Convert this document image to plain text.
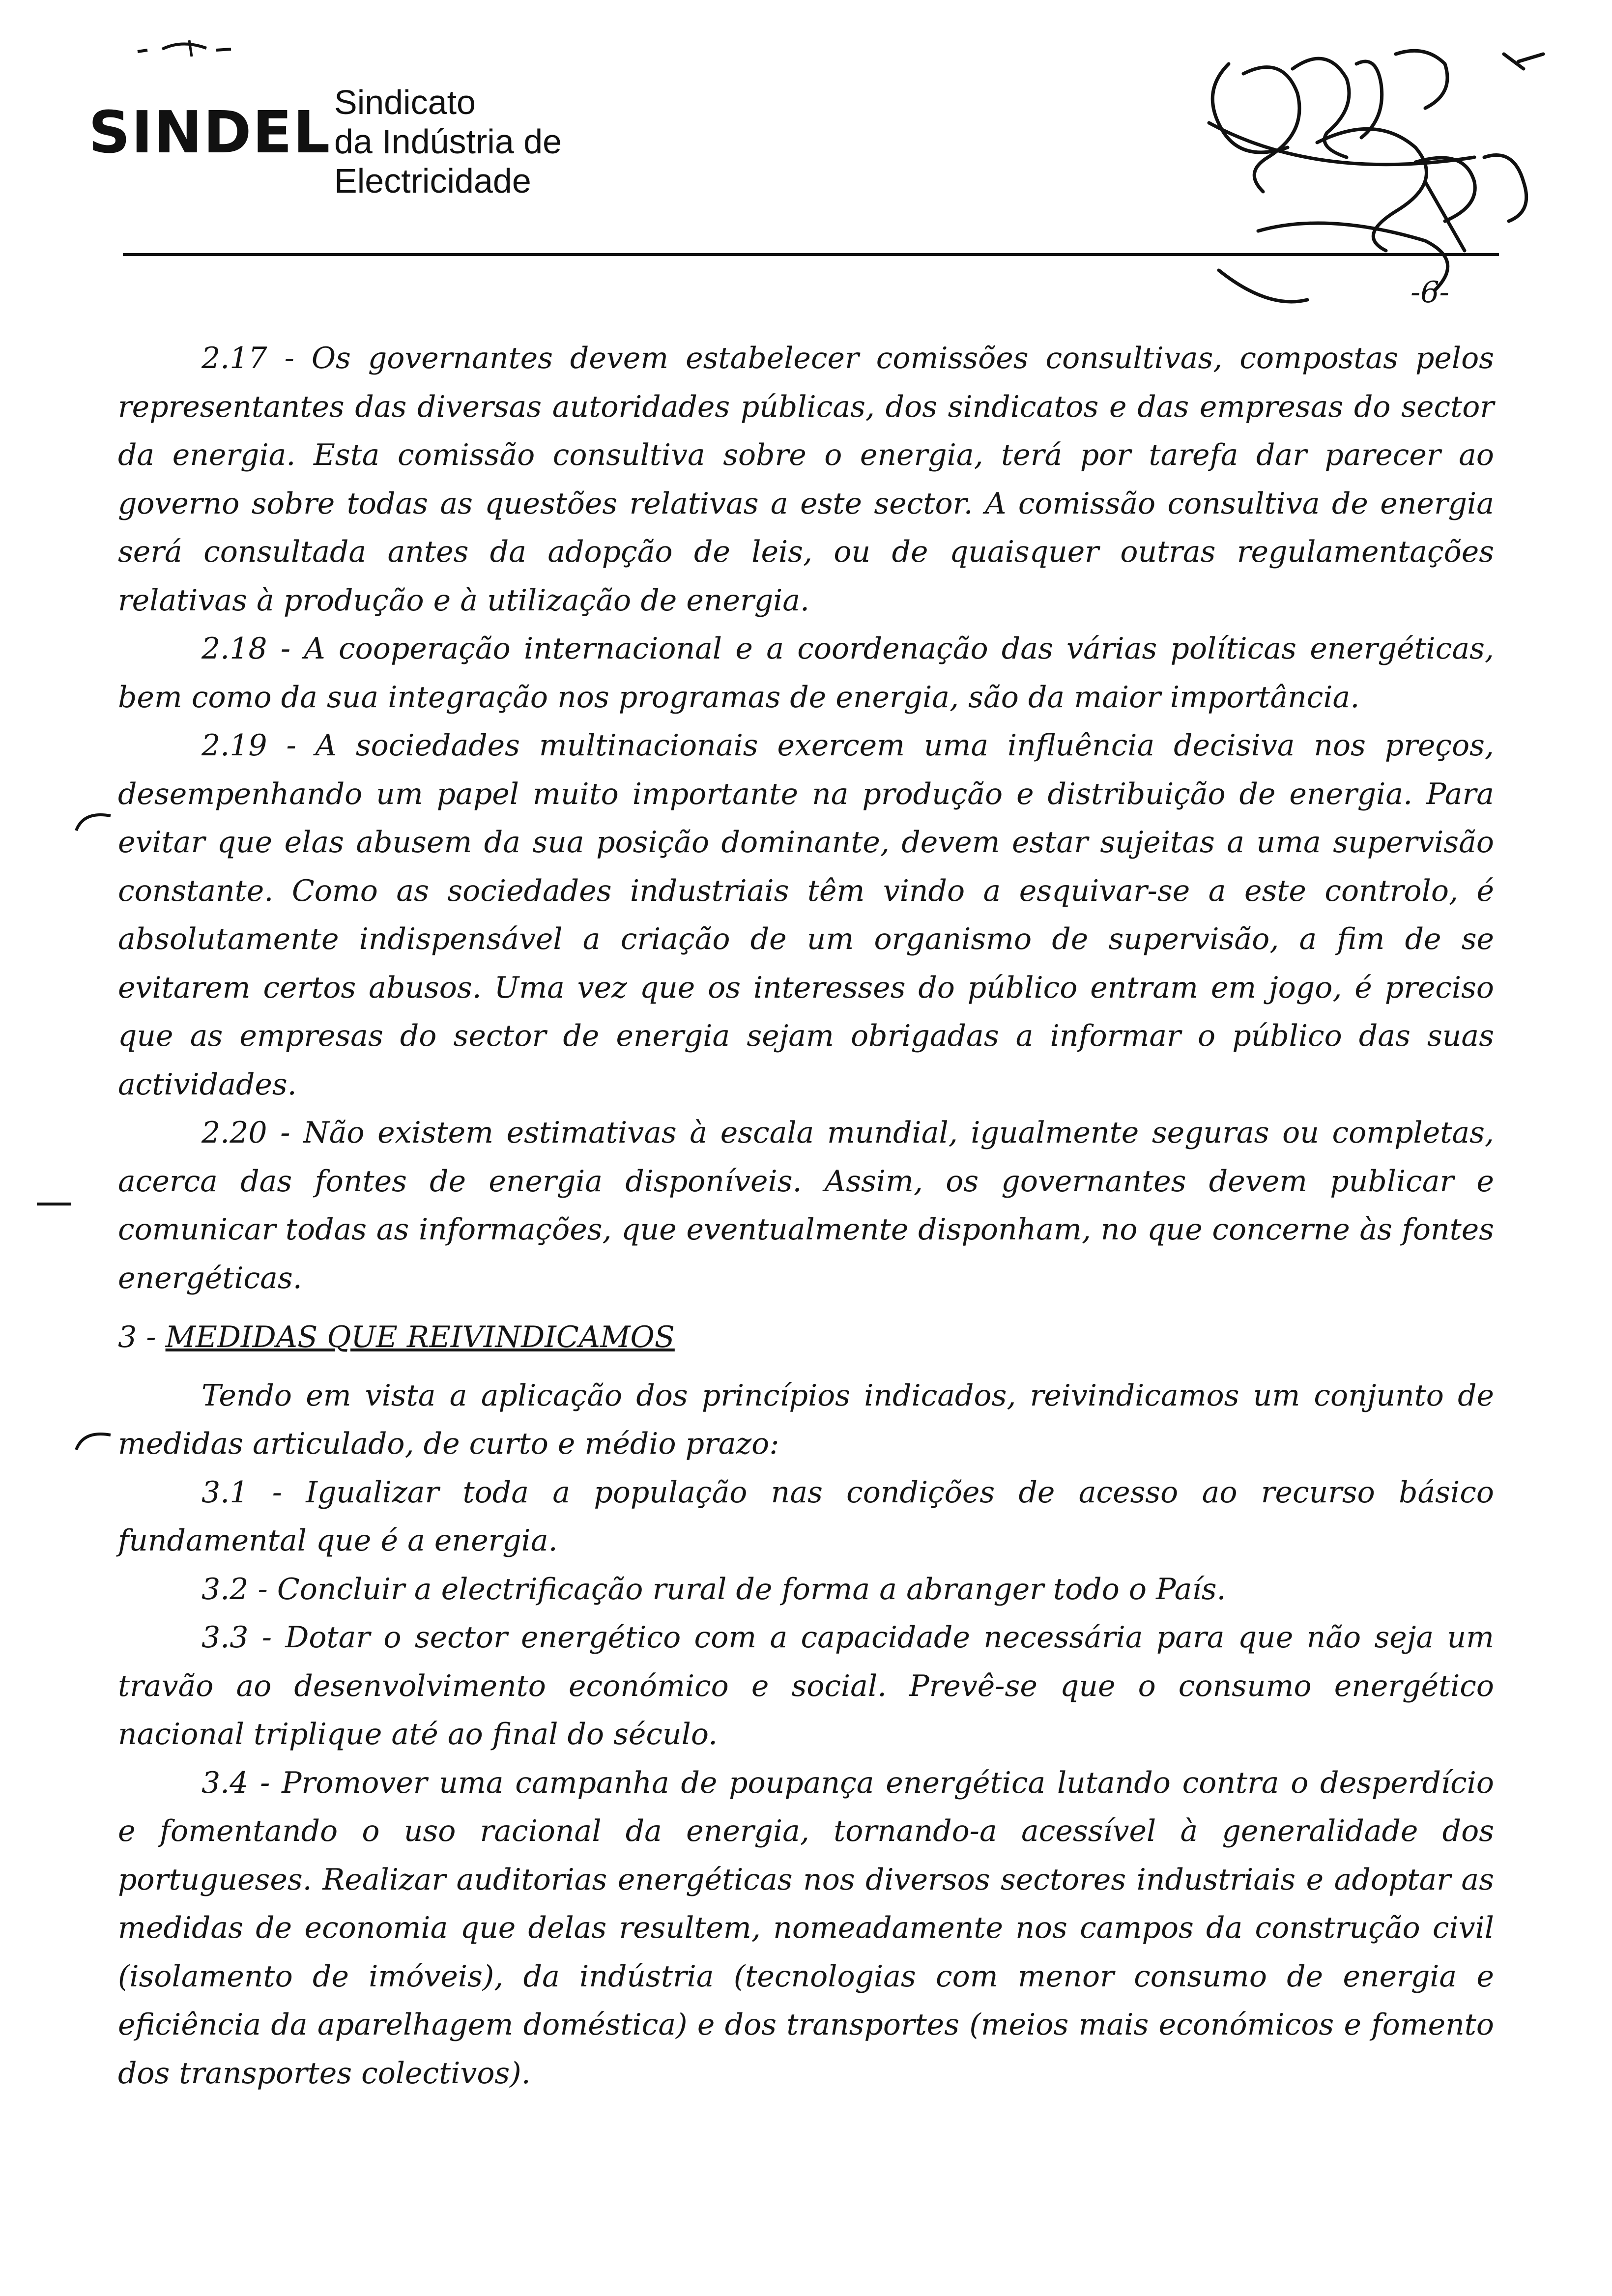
SINDEL Sindicato
da Indústria de
Electricidade
-6-

2.17 - Os governantes devem estabelecer comissões consultivas, compostas pelos representantes das diversas autoridades públicas, dos sindicatos e das empresas do sector da energia. Esta comissão consultiva sobre o energia, terá por tarefa dar parecer ao governo sobre todas as questões relativas a este sector. A comissão consultiva de energia será consultada antes da adopção de leis, ou de quaisquer outras regulamentações relativas à produção e à utilização de energia.

2.18 - A cooperação internacional e a coordenação das várias políticas energéticas, bem como da sua integração nos programas de energia, são da maior importância.

2.19 - A sociedades multinacionais exercem uma influência decisiva nos preços, desempenhando um papel muito importante na produção e distribuição de energia. Para evitar que elas abusem da sua posição dominante, devem estar sujeitas a uma supervisão constante. Como as sociedades industriais têm vindo a esquivar-se a este controlo, é absolutamente indispensável a criação de um organismo de supervisão, a fim de se evitarem certos abusos. Uma vez que os interesses do público entram em jogo, é preciso que as empresas do sector de energia sejam obrigadas a informar o público das suas actividades.

2.20 - Não existem estimativas à escala mundial, igualmente seguras ou completas, acerca das fontes de energia disponíveis. Assim, os governantes devem publicar e comunicar todas as informações, que eventualmente disponham, no que concerne às fontes energéticas.

3 - MEDIDAS QUE REIVINDICAMOS

Tendo em vista a aplicação dos princípios indicados, reivindicamos um conjunto de medidas articulado, de curto e médio prazo:

3.1 - Igualizar toda a população nas condições de acesso ao recurso básico fundamental que é a energia.

3.2 - Concluir a electrificação rural de forma a abranger todo o País.

3.3 - Dotar o sector energético com a capacidade necessária para que não seja um travão ao desenvolvimento económico e social. Prevê-se que o consumo energético nacional triplique até ao final do século.

3.4 - Promover uma campanha de poupança energética lutando contra o desperdício e fomentando o uso racional da energia, tornando-a acessível à generalidade dos portugueses. Realizar auditorias energéticas nos diversos sectores industriais e adoptar as medidas de economia que delas resultem, nomeadamente nos campos da construção civil (isolamento de imóveis), da indústria (tecnologias com menor consumo de energia e eficiência da aparelhagem doméstica) e dos transportes (meios mais económicos e fomento dos transportes colectivos).
